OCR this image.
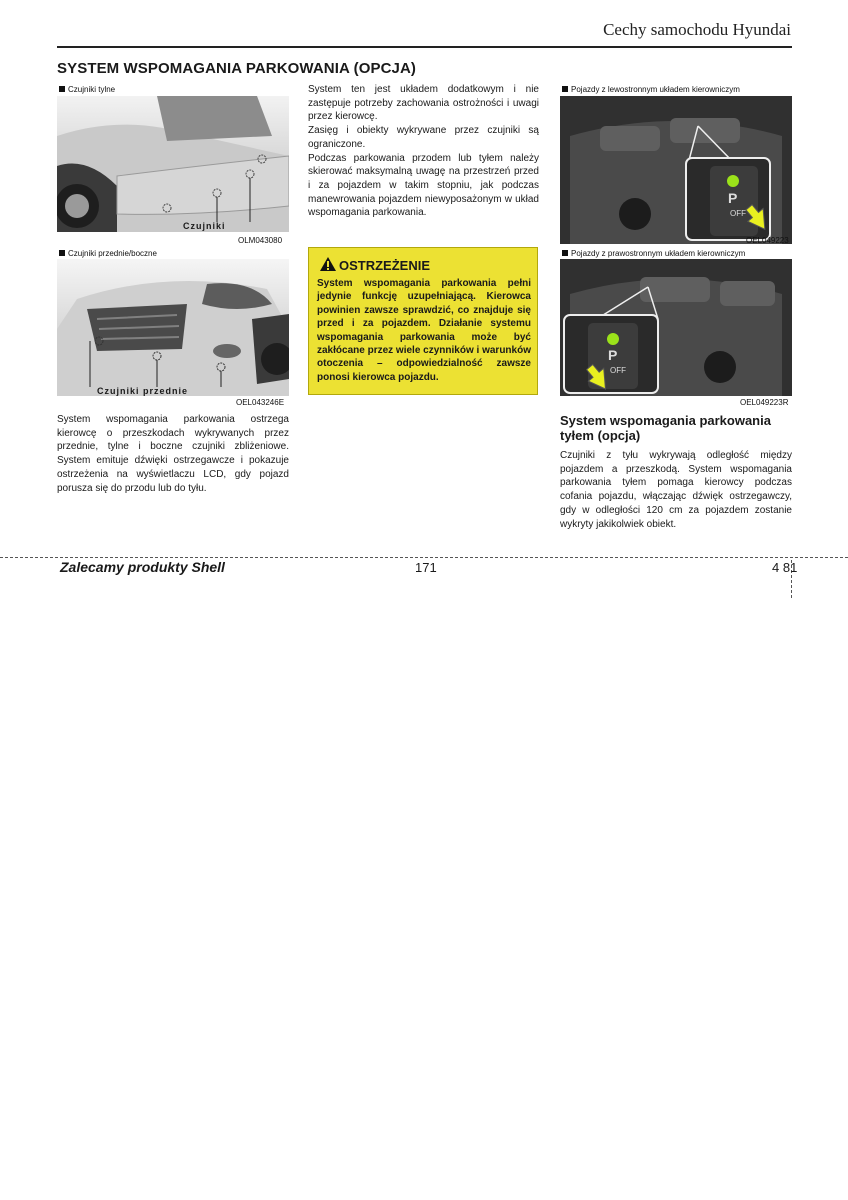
Cechy samochodu Hyundai
SYSTEM WSPOMAGANIA PARKOWANIA (OPCJA)
Czujniki tylne
Czujniki
OLM043080
Czujniki przednie/boczne
Czujniki przednie
OEL043246E
System wspomagania parkowania ostrzega kierowcę o przeszkodach wykrywanych przez przednie, tylne i boczne czujniki zbliżeniowe. System emituje dźwięki ostrzegawcze i pokazuje ostrzeżenia na wyświetlaczu LCD, gdy pojazd porusza się do przodu lub do tyłu.
System ten jest układem dodatkowym i nie zastępuje potrzeby zachowania ostrożności i uwagi przez kierowcę.
Zasięg i obiekty wykrywane przez czujniki są ograniczone.
Podczas parkowania przodem lub tyłem należy skierować maksymalną uwagę na przestrzeń przed i za pojazdem w takim stopniu, jak podczas manewrowania pojazdem niewyposażonym w układ wspomagania parkowania.
OSTRZEŻENIE
System wspomagania parkowania pełni jedynie funkcję uzupełniającą. Kierowca powinien zawsze sprawdzić, co znajduje się przed i za pojazdem. Działanie systemu wspomagania parkowania może być zakłócane przez wiele czynników i warunków otoczenia – odpowiedzialność zawsze ponosi kierowca pojazdu.
Pojazdy z lewostronnym układem kierowniczym
P
OFF
OEL049223
Pojazdy z prawostronnym układem kierowniczym
P
OFF
OEL049223R
System wspomagania parkowania tyłem (opcja)
Czujniki z tyłu wykrywają odległość między pojazdem a przeszkodą. System wspomagania parkowania tyłem pomaga kierowcy podczas cofania pojazdu, włączając dźwięk ostrzegawczy, gdy w odległości 120 cm za pojazdem zostanie wykryty jakikolwiek obiekt.
Zalecamy produkty Shell	171	4 81
